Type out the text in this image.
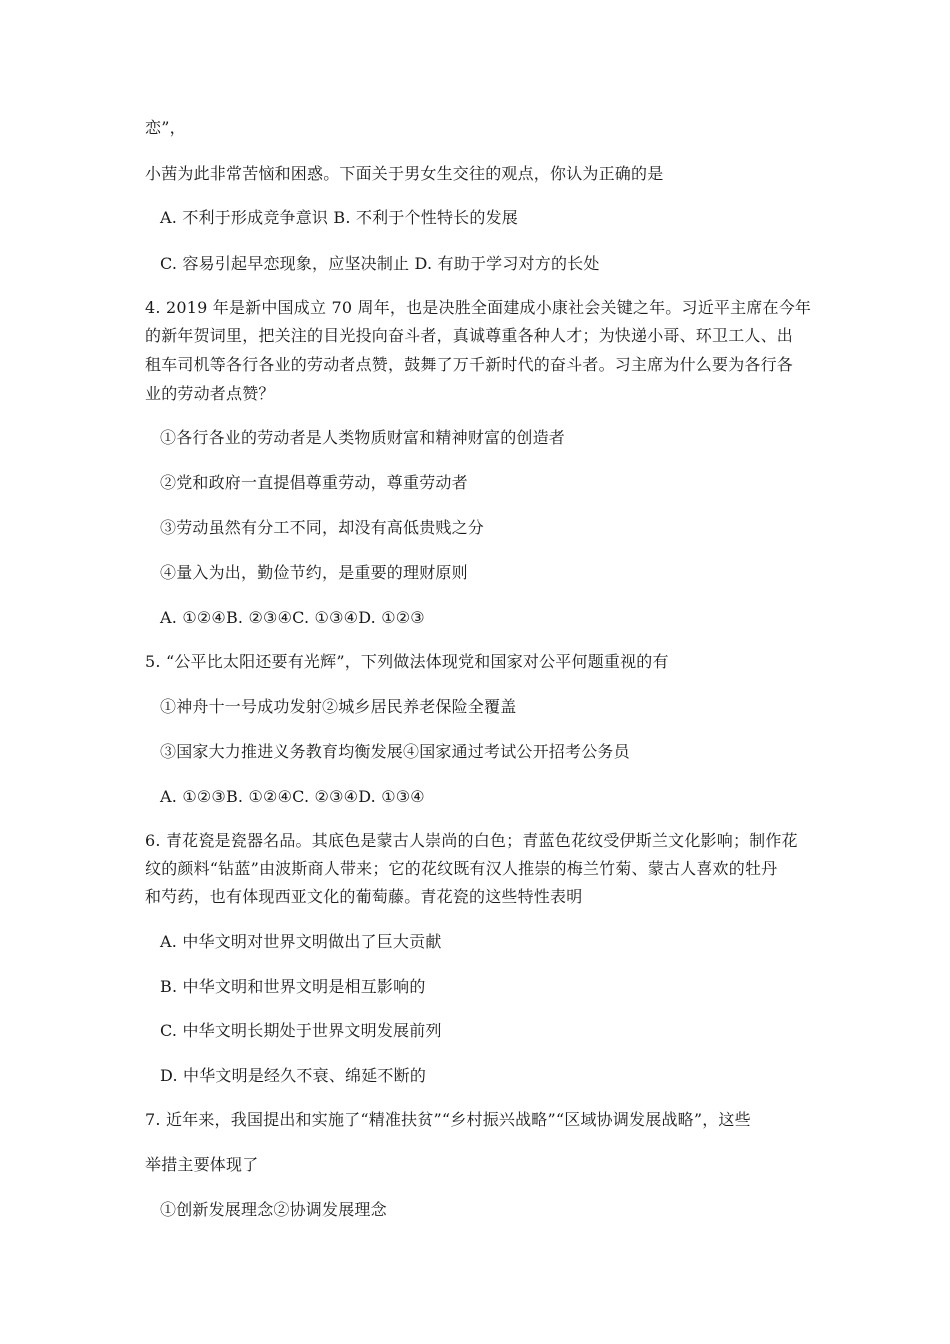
恋”，
小茜为此非常苦恼和困惑。下面关于男女生交往的观点，你认为正确的是
A. 不利于形成竞争意识 B. 不利于个性特长的发展
C. 容易引起早恋现象，应坚决制止 D. 有助于学习对方的长处
4. 2019 年是新中国成立 70 周年，也是决胜全面建成小康社会关键之年。习近平主席在今年
的新年贺词里，把关注的目光投向奋斗者，真诚尊重各种人才；为快递小哥、环卫工人、出
租车司机等各行各业的劳动者点赞，鼓舞了万千新时代的奋斗者。习主席为什么要为各行各
业的劳动者点赞？
①各行各业的劳动者是人类物质财富和精神财富的创造者
②党和政府一直提倡尊重劳动，尊重劳动者
③劳动虽然有分工不同，却没有高低贵贱之分
④量入为出，勤俭节约，是重要的理财原则
A. ①②④B. ②③④C. ①③④D. ①②③
5. “公平比太阳还要有光辉”，下列做法体现党和国家对公平何题重视的有
①神舟十一号成功发射②城乡居民养老保险全覆盖
③国家大力推进义务教育均衡发展④国家通过考试公开招考公务员
A. ①②③B. ①②④C. ②③④D. ①③④
6. 青花瓷是瓷器名品。其底色是蒙古人崇尚的白色；青蓝色花纹受伊斯兰文化影响；制作花
纹的颜料“钻蓝”由波斯商人带来；它的花纹既有汉人推崇的梅兰竹菊、蒙古人喜欢的牡丹
和芍药，也有体现西亚文化的葡萄藤。青花瓷的这些特性表明
A. 中华文明对世界文明做出了巨大贡献
B. 中华文明和世界文明是相互影响的
C. 中华文明长期处于世界文明发展前列
D. 中华文明是经久不衰、绵延不断的
7. 近年来，我国提出和实施了“精准扶贫”“乡村振兴战略”“区域协调发展战略”，这些
举措主要体现了
①创新发展理念②协调发展理念
